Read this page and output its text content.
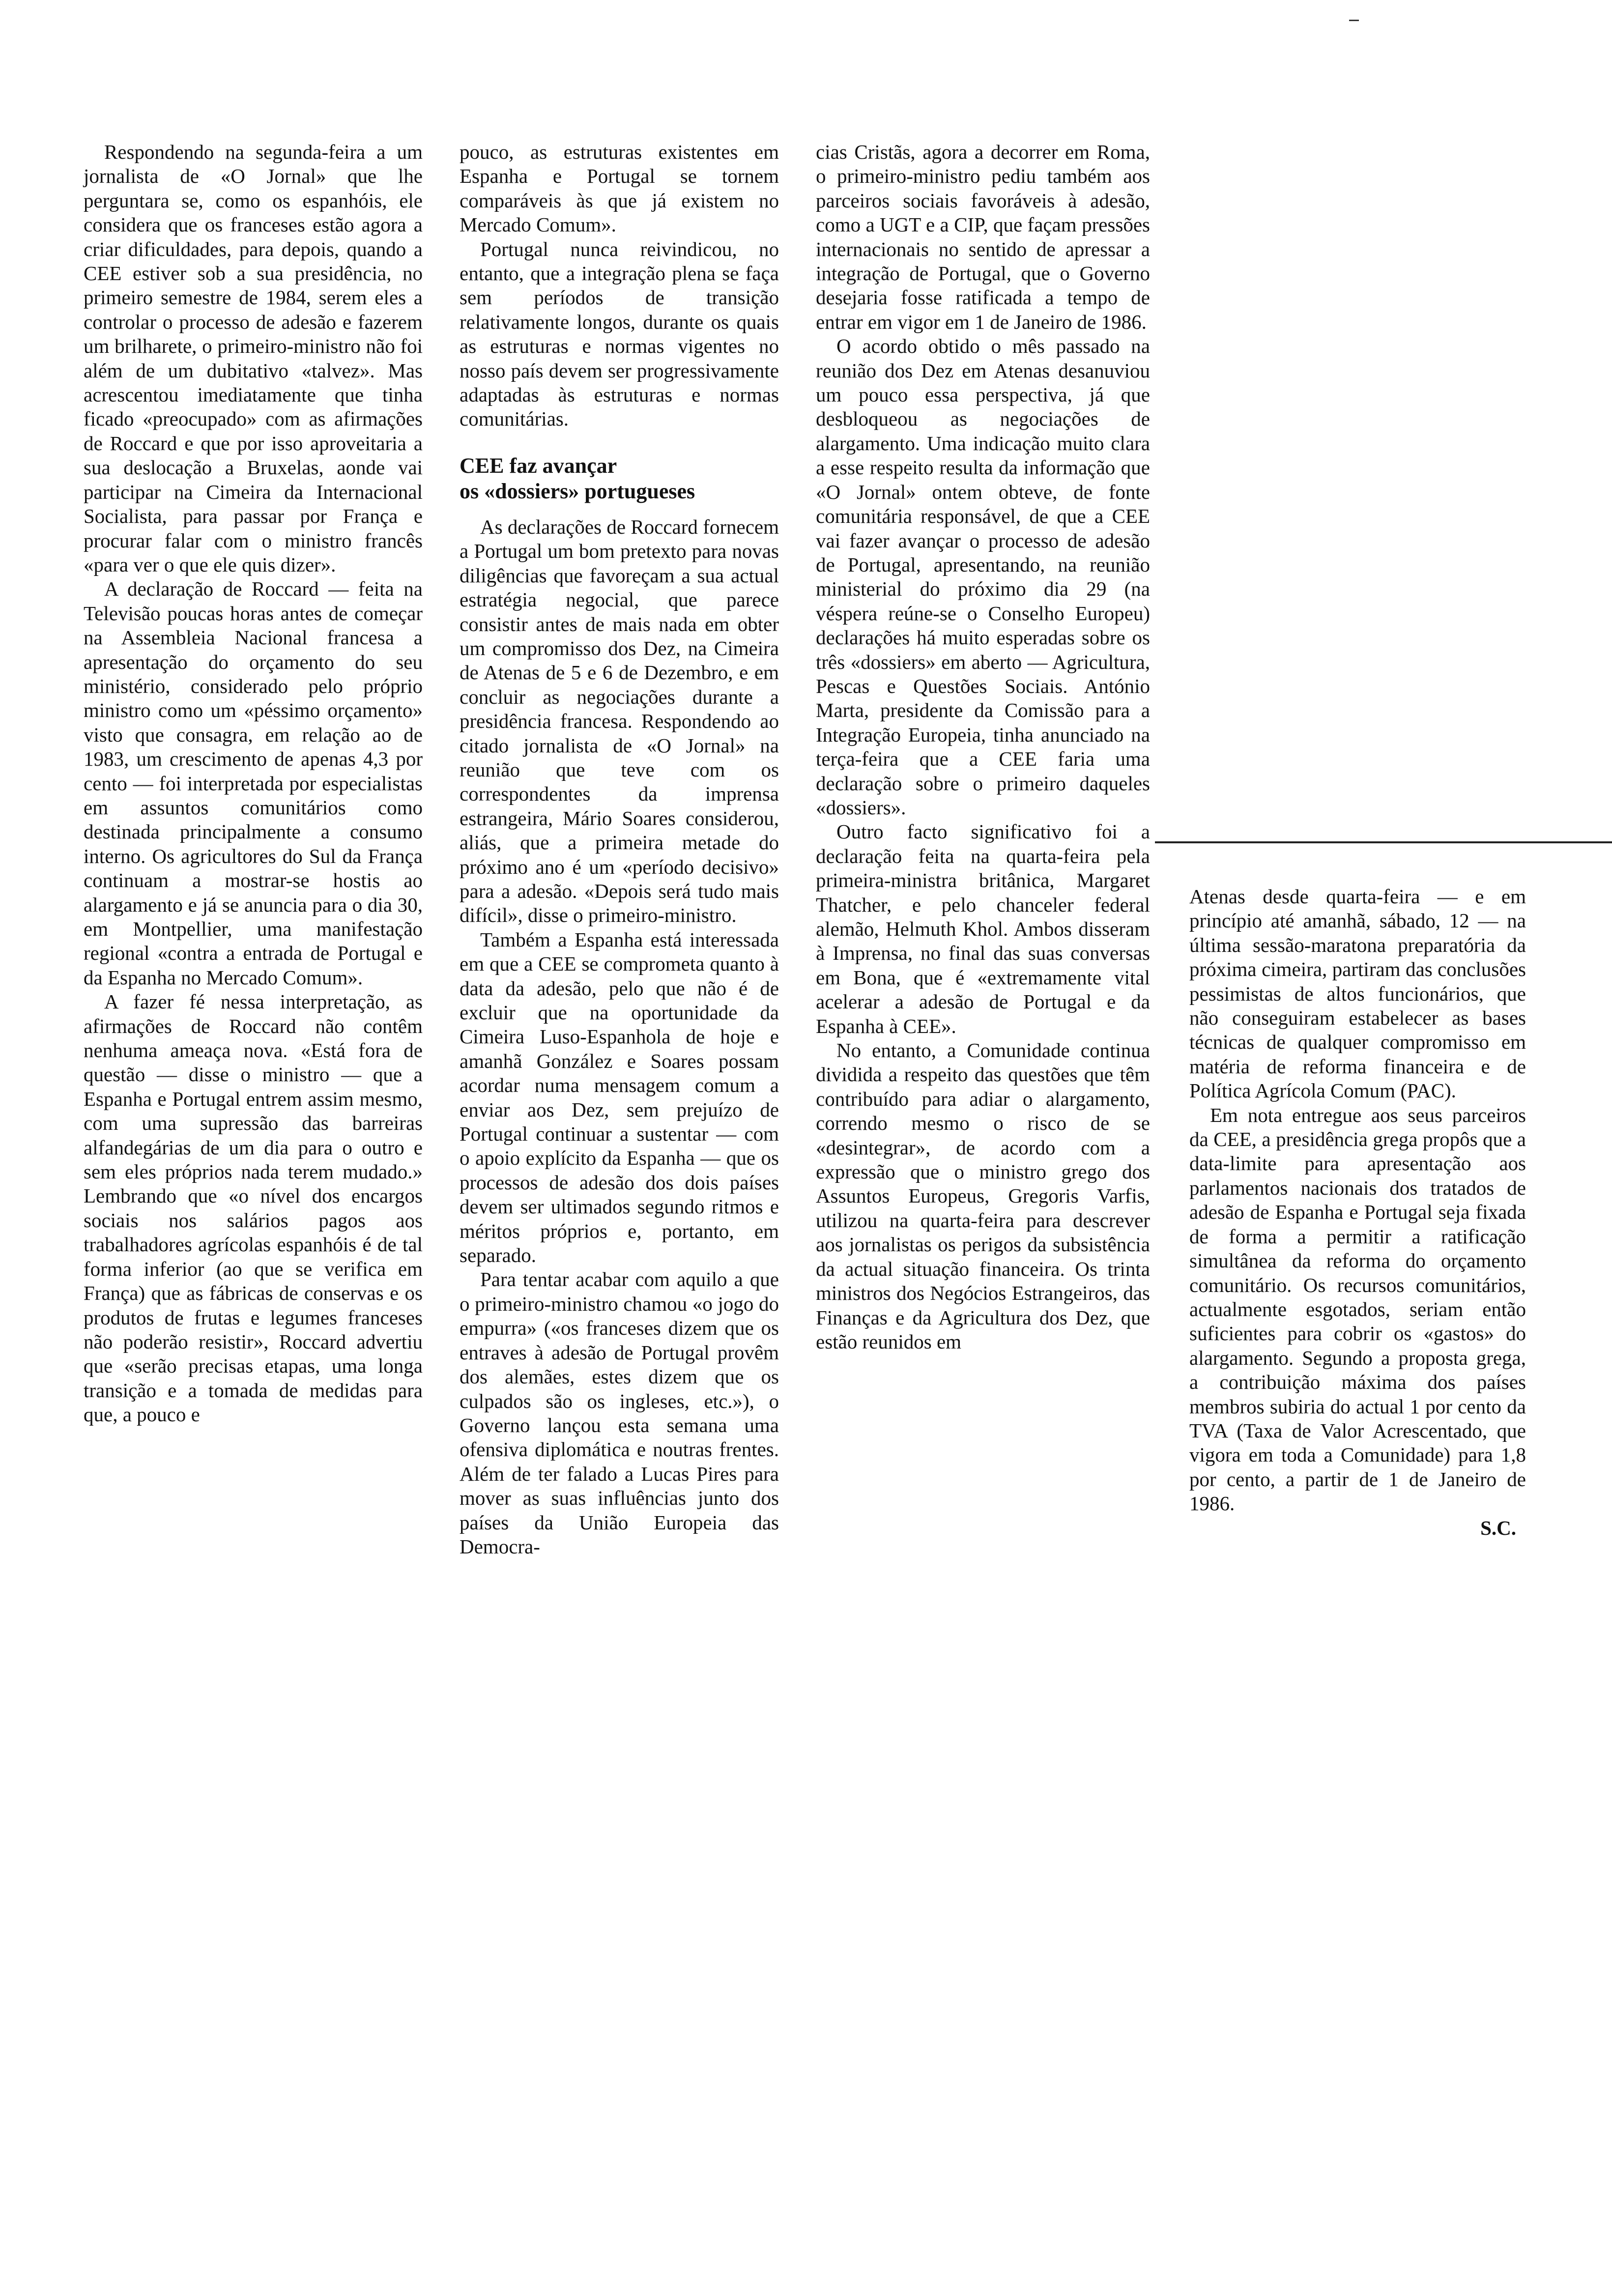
Respondendo na segunda-feira a um jornalista de «O Jornal» que lhe perguntara se, como os espanhóis, ele considera que os franceses estão agora a criar dificuldades, para depois, quando a CEE estiver sob a sua presidência, no primeiro semestre de 1984, serem eles a controlar o processo de adesão e fazerem um brilharete, o primeiro-ministro não foi além de um dubitativo «talvez». Mas acrescentou imediatamente que tinha ficado «preocupado» com as afirmações de Roccard e que por isso aproveitaria a sua deslocação a Bruxelas, aonde vai participar na Cimeira da Internacional Socialista, para passar por França e procurar falar com o ministro francês «para ver o que ele quis dizer».

A declaração de Roccard — feita na Televisão poucas horas antes de começar na Assembleia Nacional francesa a apresentação do orçamento do seu ministério, considerado pelo próprio ministro como um «péssimo orçamento» visto que consagra, em relação ao de 1983, um crescimento de apenas 4,3 por cento — foi interpretada por especialistas em assuntos comunitários como destinada principalmente a consumo interno. Os agricultores do Sul da França continuam a mostrar-se hostis ao alargamento e já se anuncia para o dia 30, em Montpellier, uma manifestação regional «contra a entrada de Portugal e da Espanha no Mercado Comum».

A fazer fé nessa interpretação, as afirmações de Roccard não contêm nenhuma ameaça nova. «Está fora de questão — disse o ministro — que a Espanha e Portugal entrem assim mesmo, com uma supressão das barreiras alfandegárias de um dia para o outro e sem eles próprios nada terem mudado.» Lembrando que «o nível dos encargos sociais nos salários pagos aos trabalhadores agrícolas espanhóis é de tal forma inferior (ao que se verifica em França) que as fábricas de conservas e os produtos de frutas e legumes franceses não poderão resistir», Roccard advertiu que «serão precisas etapas, uma longa transição e a tomada de medidas para que, a pouco e

pouco, as estruturas existentes em Espanha e Portugal se tornem comparáveis às que já existem no Mercado Comum».

Portugal nunca reivindicou, no entanto, que a integração plena se faça sem períodos de transição relativamente longos, durante os quais as estruturas e normas vigentes no nosso país devem ser progressivamente adaptadas às estruturas e normas comunitárias.

CEE faz avançar
os «dossiers» portugueses

As declarações de Roccard fornecem a Portugal um bom pretexto para novas diligências que favoreçam a sua actual estratégia negocial, que parece consistir antes de mais nada em obter um compromisso dos Dez, na Cimeira de Atenas de 5 e 6 de Dezembro, e em concluir as negociações durante a presidência francesa. Respondendo ao citado jornalista de «O Jornal» na reunião que teve com os correspondentes da imprensa estrangeira, Mário Soares considerou, aliás, que a primeira metade do próximo ano é um «período decisivo» para a adesão. «Depois será tudo mais difícil», disse o primeiro-ministro.

Também a Espanha está interessada em que a CEE se comprometa quanto à data da adesão, pelo que não é de excluir que na oportunidade da Cimeira Luso-Espanhola de hoje e amanhã González e Soares possam acordar numa mensagem comum a enviar aos Dez, sem prejuízo de Portugal continuar a sustentar — com o apoio explícito da Espanha — que os processos de adesão dos dois países devem ser ultimados segundo ritmos e méritos próprios e, portanto, em separado.

Para tentar acabar com aquilo a que o primeiro-ministro chamou «o jogo do empurra» («os franceses dizem que os entraves à adesão de Portugal provêm dos alemães, estes dizem que os culpados são os ingleses, etc.»), o Governo lançou esta semana uma ofensiva diplomática e noutras frentes. Além de ter falado a Lucas Pires para mover as suas influências junto dos países da União Europeia das Democra-

cias Cristãs, agora a decorrer em Roma, o primeiro-ministro pediu também aos parceiros sociais favoráveis à adesão, como a UGT e a CIP, que façam pressões internacionais no sentido de apressar a integração de Portugal, que o Governo desejaria fosse ratificada a tempo de entrar em vigor em 1 de Janeiro de 1986.

O acordo obtido o mês passado na reunião dos Dez em Atenas desanuviou um pouco essa perspectiva, já que desbloqueou as negociações de alargamento. Uma indicação muito clara a esse respeito resulta da informação que «O Jornal» ontem obteve, de fonte comunitária responsável, de que a CEE vai fazer avançar o processo de adesão de Portugal, apresentando, na reunião ministerial do próximo dia 29 (na véspera reúne-se o Conselho Europeu) declarações há muito esperadas sobre os três «dossiers» em aberto — Agricultura, Pescas e Questões Sociais. António Marta, presidente da Comissão para a Integração Europeia, tinha anunciado na terça-feira que a CEE faria uma declaração sobre o primeiro daqueles «dossiers».

Outro facto significativo foi a declaração feita na quarta-feira pela primeira-ministra britânica, Margaret Thatcher, e pelo chanceler federal alemão, Helmuth Khol. Ambos disseram à Imprensa, no final das suas conversas em Bona, que é «extremamente vital acelerar a adesão de Portugal e da Espanha à CEE».

No entanto, a Comunidade continua dividida a respeito das questões que têm contribuído para adiar o alargamento, correndo mesmo o risco de se «desintegrar», de acordo com a expressão que o ministro grego dos Assuntos Europeus, Gregoris Varfis, utilizou na quarta-feira para descrever aos jornalistas os perigos da subsistência da actual situação financeira. Os trinta ministros dos Negócios Estrangeiros, das Finanças e da Agricultura dos Dez, que estão reunidos em

Atenas desde quarta-feira — e em princípio até amanhã, sábado, 12 — na última sessão-maratona preparatória da próxima cimeira, partiram das conclusões pessimistas de altos funcionários, que não conseguiram estabelecer as bases técnicas de qualquer compromisso em matéria de reforma financeira e de Política Agrícola Comum (PAC).

Em nota entregue aos seus parceiros da CEE, a presidência grega propôs que a data-limite para apresentação aos parlamentos nacionais dos tratados de adesão de Espanha e Portugal seja fixada de forma a permitir a ratificação simultânea da reforma do orçamento comunitário. Os recursos comunitários, actualmente esgotados, seriam então suficientes para cobrir os «gastos» do alargamento. Segundo a proposta grega, a contribuição máxima dos países membros subiria do actual 1 por cento da TVA (Taxa de Valor Acrescentado, que vigora em toda a Comunidade) para 1,8 por cento, a partir de 1 de Janeiro de 1986.

S.C.
